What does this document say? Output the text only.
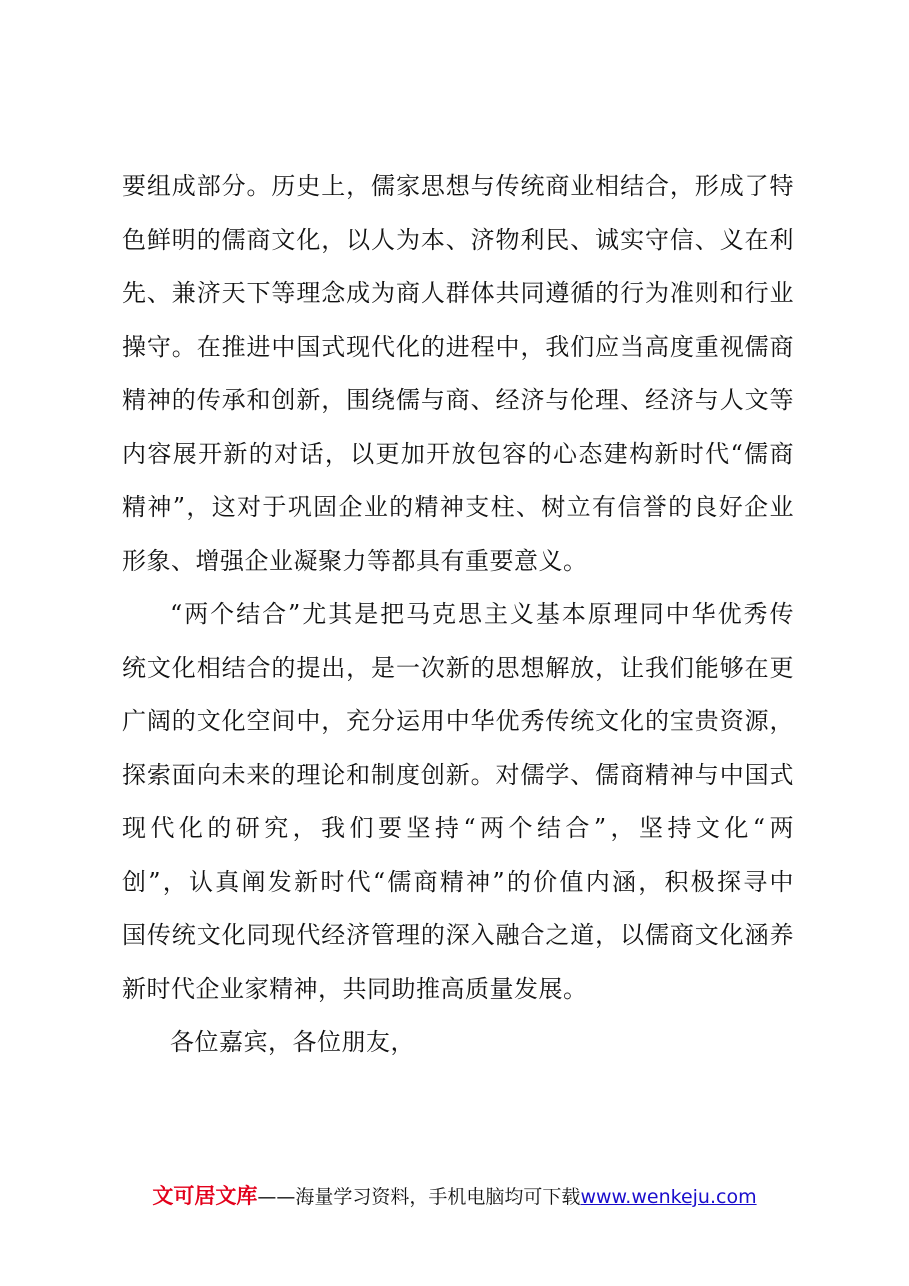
要组成部分。历史上，儒家思想与传统商业相结合，形成了特
色鲜明的儒商文化，以人为本、济物利民、诚实守信、义在利
先、兼济天下等理念成为商人群体共同遵循的行为准则和行业
操守。在推进中国式现代化的进程中，我们应当高度重视儒商
精神的传承和创新，围绕儒与商、经济与伦理、经济与人文等
内容展开新的对话，以更加开放包容的心态建构新时代“儒商
精神”，这对于巩固企业的精神支柱、树立有信誉的良好企业
形象、增强企业凝聚力等都具有重要意义。
“两个结合”尤其是把马克思主义基本原理同中华优秀传
统文化相结合的提出，是一次新的思想解放，让我们能够在更
广阔的文化空间中，充分运用中华优秀传统文化的宝贵资源，
探索面向未来的理论和制度创新。对儒学、儒商精神与中国式
现代化的研究，我们要坚持“两个结合”，坚持文化“两
创”，认真阐发新时代“儒商精神”的价值内涵，积极探寻中
国传统文化同现代经济管理的深入融合之道，以儒商文化涵养
新时代企业家精神，共同助推高质量发展。
各位嘉宾，各位朋友，
文可居文库——海量学习资料，手机电脑均可下载www.wenkeju.com
